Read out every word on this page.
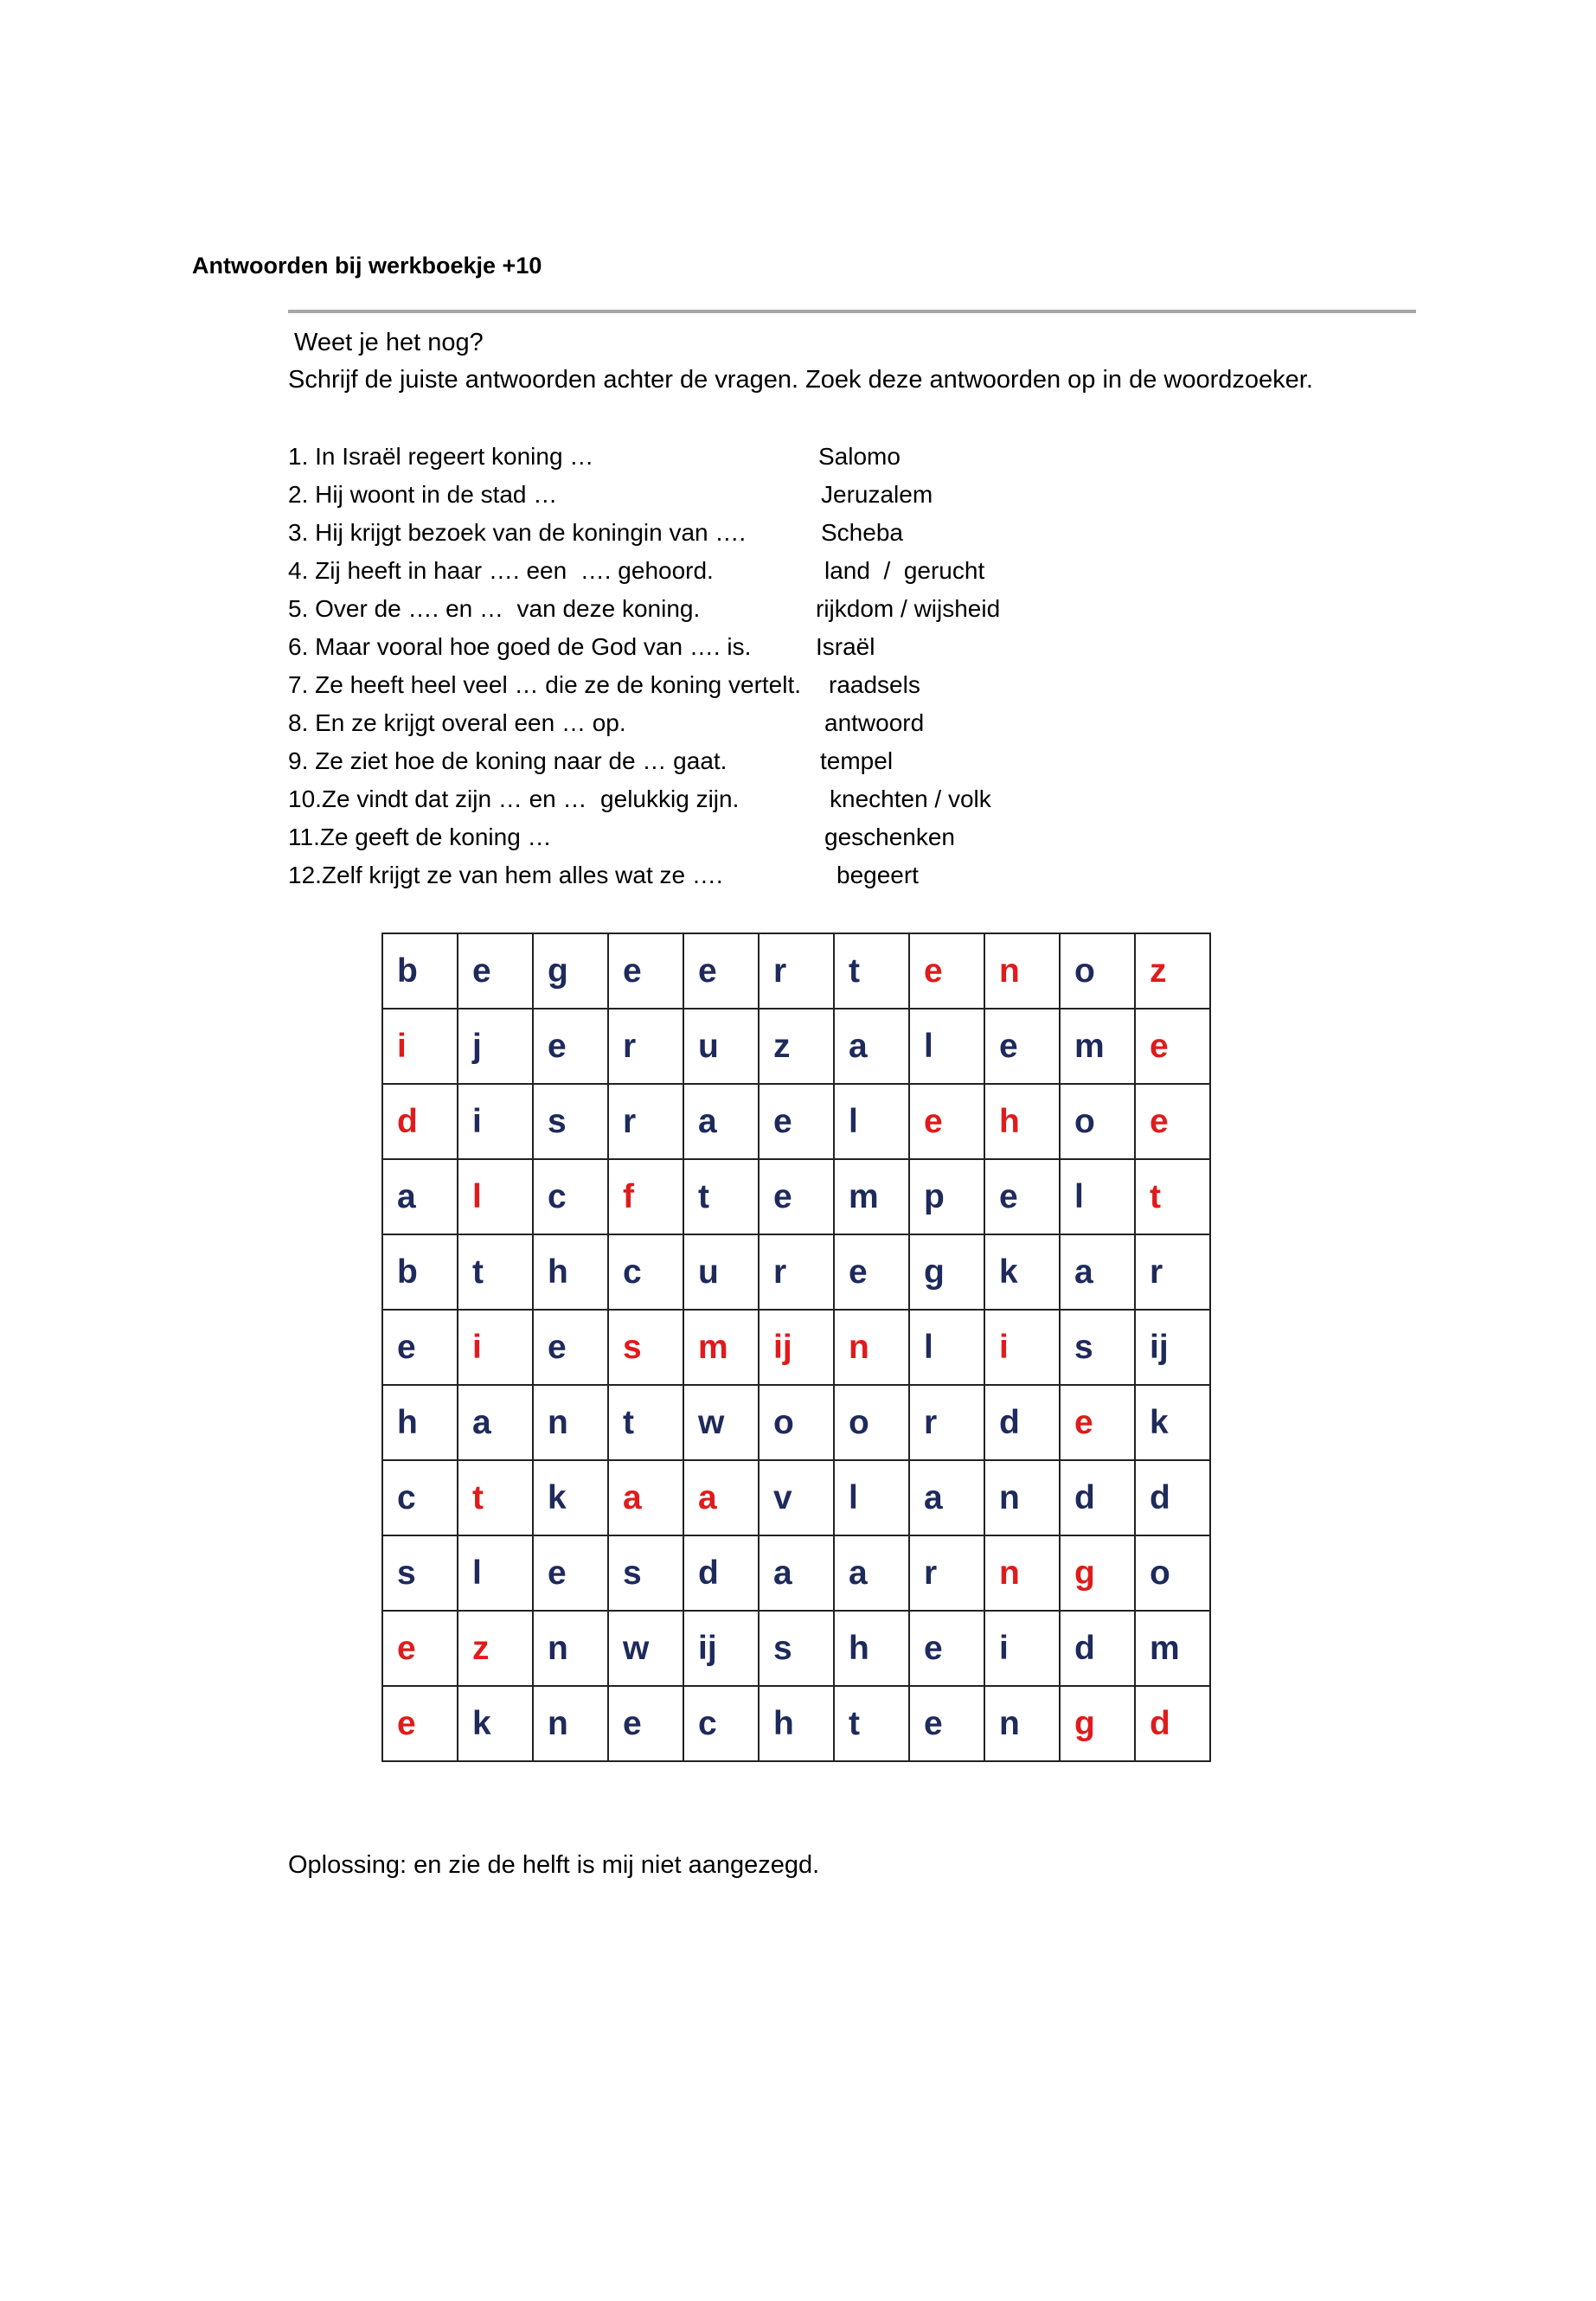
Antwoorden bij werkboekje +10
Weet je het nog?
Schrijf de juiste antwoorden achter de vragen. Zoek deze antwoorden op in de woordzoeker.
1. In Israël regeert koning …	Salomo
2. Hij woont in de stad …	Jeruzalem
3. Hij krijgt bezoek van de koningin van ….	Scheba
4. Zij heeft in haar …. een  …. gehoord.	land  /  gerucht
5. Over de …. en …  van deze koning.	rijkdom / wijsheid
6. Maar vooral hoe goed de God van …. is.	Israël
7. Ze heeft heel veel … die ze de koning vertelt. raadsels
8. En ze krijgt overal een … op.	antwoord
9. Ze ziet hoe de koning naar de … gaat.	tempel
10.Ze vindt dat zijn … en …  gelukkig zijn.	knechten / volk
11.Ze geeft de koning …	geschenken
12.Zelf krijgt ze van hem alles wat ze ….	begeert
b	e	g	e	e	r	t	e	n	o	z
i	j	e	r	u	z	a	l	e	m	e
d	i	s	r	a	e	l	e	h	o	e
a	l	c	f	t	e	m	p	e	l	t
b	t	h	c	u	r	e	g	k	a	r
e	i	e	s	m	ij	n	l	i	s	ij
h	a	n	t	w	o	o	r	d	e	k
c	t	k	a	a	v	l	a	n	d	d
s	l	e	s	d	a	a	r	n	g	o
e	z	n	w	ij	s	h	e	i	d	m
e	k	n	e	c	h	t	e	n	g	d
Oplossing: en zie de helft is mij niet aangezegd.
